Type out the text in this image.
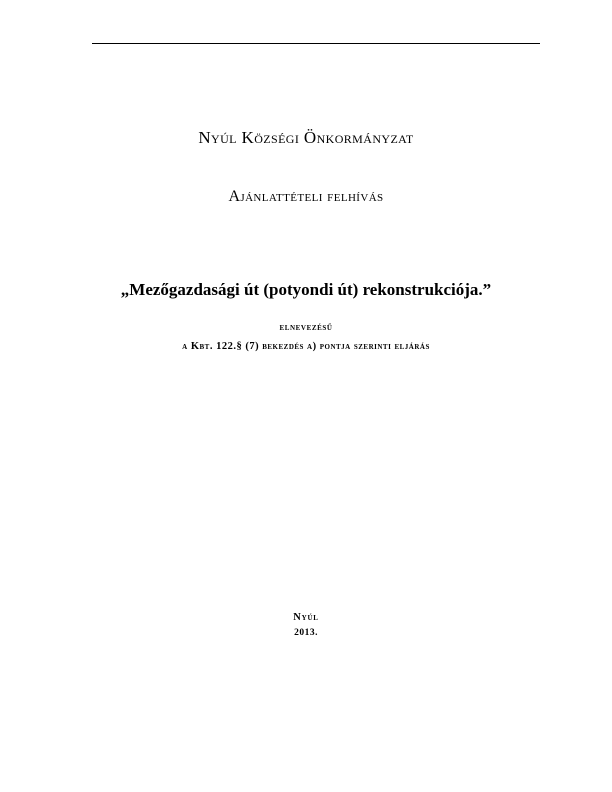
Nyúl Községi Önkormányzat
Ajánlattételi felhívás
„Mezőgazdasági út (potyondi út) rekonstrukciója.”
elnevezésű
a Kbt. 122.§ (7) bekezdés a) pontja szerinti eljárás
Nyúl
2013.
